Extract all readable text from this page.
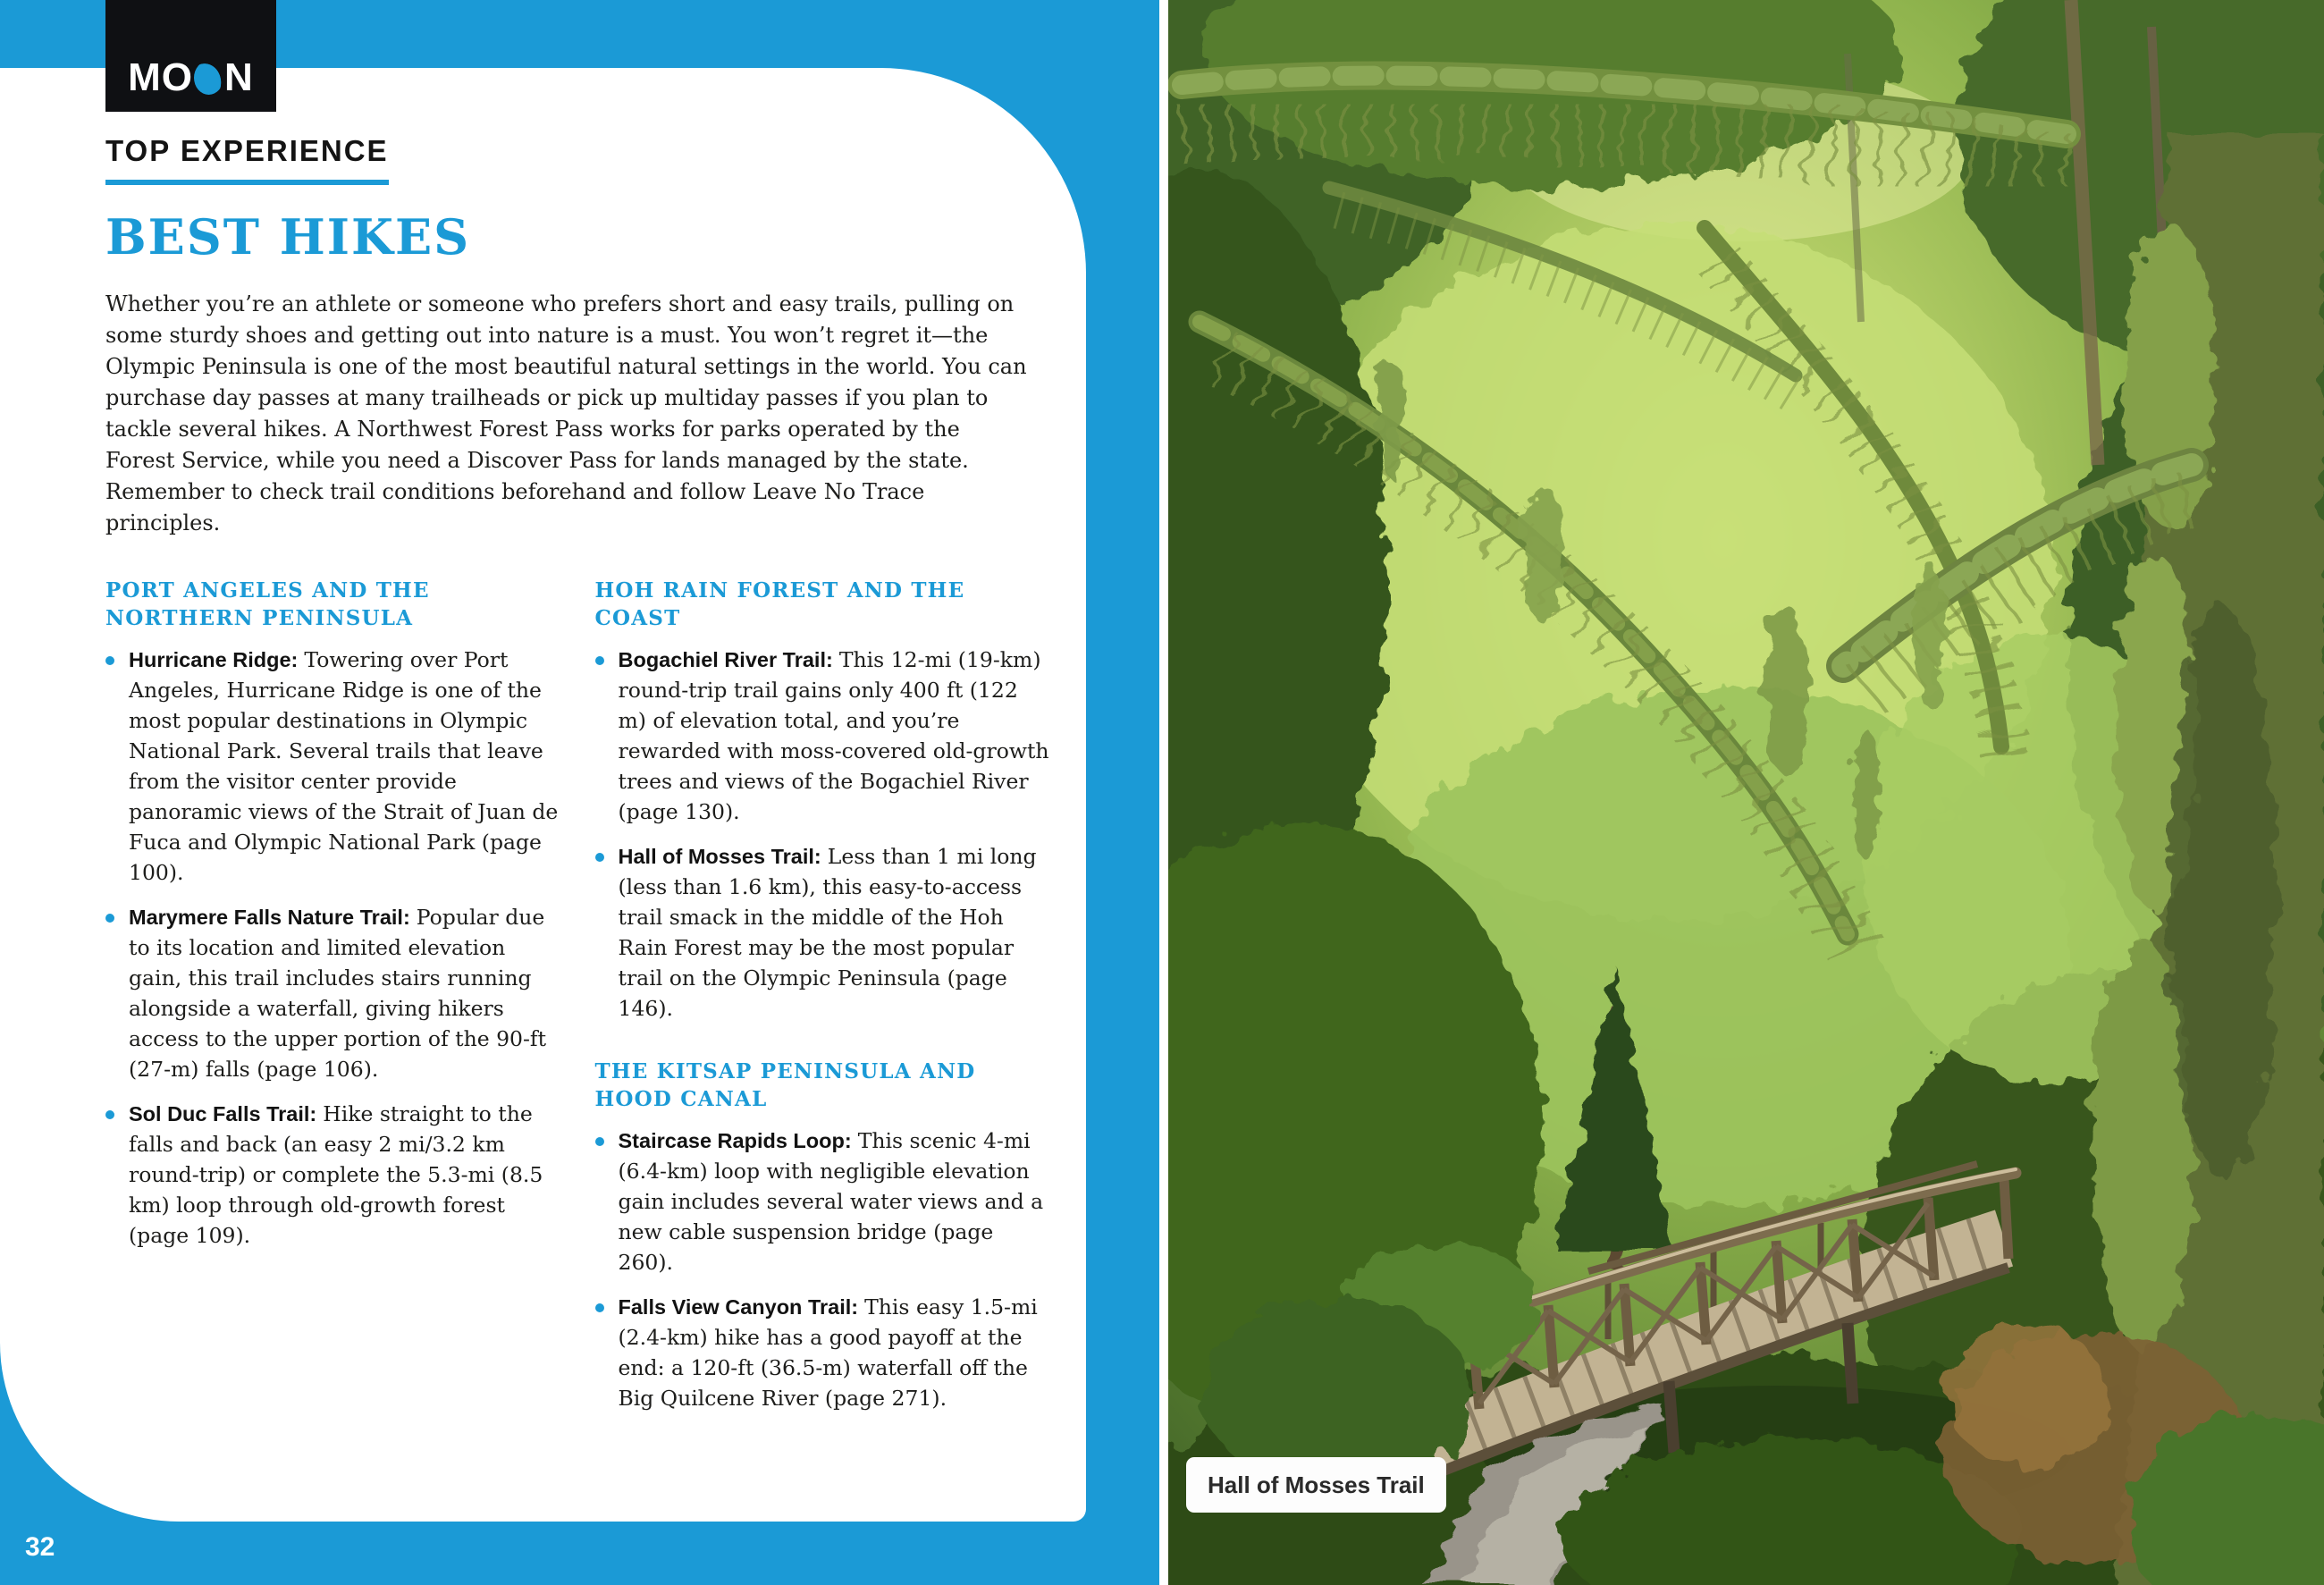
TOP EXPERIENCE
BEST HIKES

Whether you’re an athlete or someone who prefers short and easy trails, pulling on some sturdy shoes and getting out into nature is a must. You won’t regret it—the Olympic Peninsula is one of the most beautiful natural settings in the world. You can purchase day passes at many trailheads or pick up multiday passes if you plan to tackle several hikes. A Northwest Forest Pass works for parks operated by the Forest Service, while you need a Discover Pass for lands managed by the state. Remember to check trail conditions beforehand and follow Leave No Trace principles.

PORT ANGELES AND THE NORTHERN PENINSULA
Hurricane Ridge: Towering over Port Angeles, Hurricane Ridge is one of the most popular destinations in Olympic National Park. Several trails that leave from the visitor center provide panoramic views of the Strait of Juan de Fuca and Olympic National Park (page 100).
Marymere Falls Nature Trail: Popular due to its location and limited elevation gain, this trail includes stairs running alongside a waterfall, giving hikers access to the upper portion of the 90-ft (27-m) falls (page 106).
Sol Duc Falls Trail: Hike straight to the falls and back (an easy 2 mi/3.2 km round-trip) or complete the 5.3-mi (8.5 km) loop through old-growth forest (page 109).
HOH RAIN FOREST AND THE COAST
Bogachiel River Trail: This 12-mi (19-km) round-trip trail gains only 400 ft (122 m) of elevation total, and you’re rewarded with moss-covered old-growth trees and views of the Bogachiel River (page 130).
Hall of Mosses Trail: Less than 1 mi long (less than 1.6 km), this easy-to-access trail smack in the middle of the Hoh Rain Forest may be the most popular trail on the Olympic Peninsula (page 146).
THE KITSAP PENINSULA AND HOOD CANAL
Staircase Rapids Loop: This scenic 4-mi (6.4-km) loop with negligible elevation gain includes several water views and a new cable suspension bridge (page 260).
Falls View Canyon Trail: This easy 1.5-mi (2.4-km) hike has a good payoff at the end: a 120-ft (36.5-m) waterfall off the Big Quilcene River (page 271).
MO N
32
Hall of Mosses Trail
